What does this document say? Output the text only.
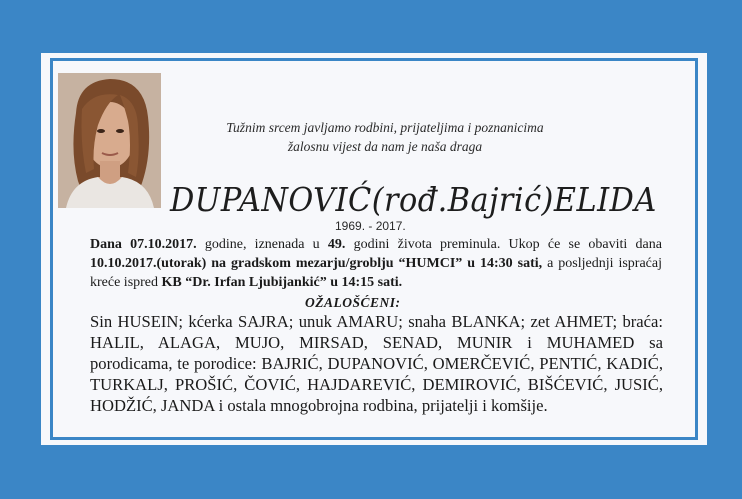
Tužnim srcem javljamo rodbini, prijateljima i poznanicima
žalosnu vijest da nam je naša draga
DUPANOVIĆ(rođ.Bajrić)ELIDA
1969. - 2017.
Dana 07.10.2017. godine, iznenada u 49. godini života preminula. Ukop će se obaviti dana 10.10.2017.(utorak) na gradskom mezarju/groblju “HUMCI” u 14:30 sati, a posljednji ispraćaj kreće ispred KB “Dr. Irfan Ljubijankić” u 14:15 sati.
OŽALOŠĆENI:
Sin HUSEIN; kćerka SAJRA; unuk AMARU; snaha BLANKA; zet AHMET; braća: HALIL, ALAGA, MUJO, MIRSAD, SENAD, MUNIR i MUHAMED sa porodicama, te porodice: BAJRIĆ, DUPANOVIĆ, OMERČEVIĆ, PENTIĆ, KADIĆ, TURKALJ, PROŠIĆ, ČOVIĆ, HAJDAREVIĆ, DEMIROVIĆ, BIŠĆEVIĆ, JUSIĆ, HODŽIĆ, JANDA i ostala mnogobrojna rodbina, prijatelji i komšije.
